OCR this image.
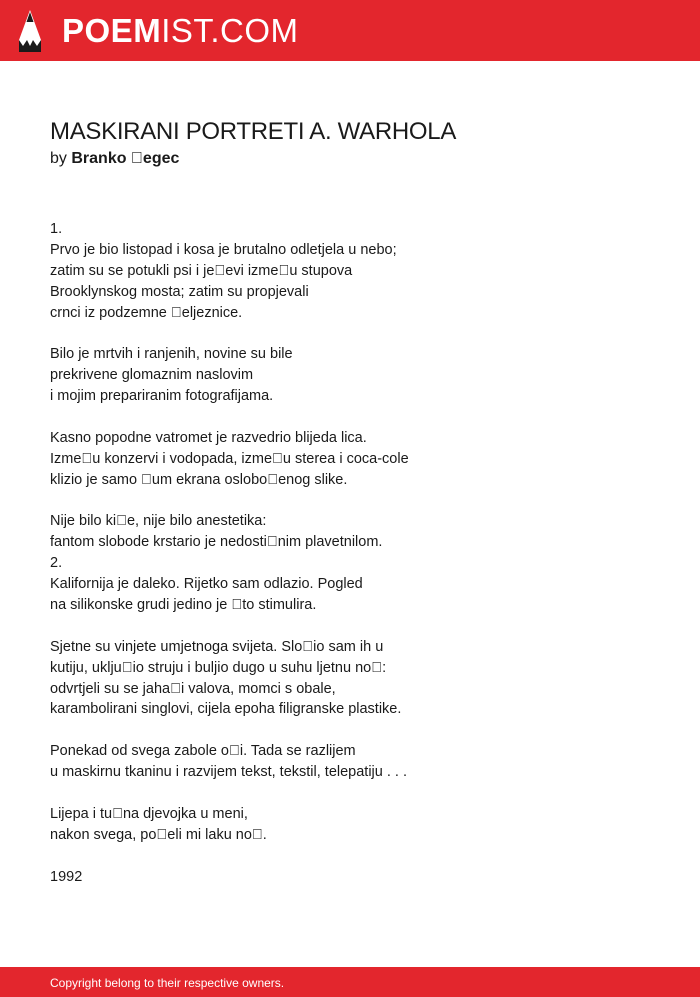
POEMIST.COM
MASKIRANI PORTRETI A. WARHOLA
by Branko  egec
1.
Prvo je bio listopad i kosa je brutalno odletjela u nebo;
zatim su se potukli psi i je evi izme u stupova
Brooklynskog mosta; zatim su propjevali
crnci iz podzemne  eljeznice.
Bilo je mrtvih i ranjenih, novine su bile
prekrivene glomaznim naslovim
i mojim prepariranim fotografijama.
Kasno popodne vatromet je razvedrio blijeda lica.
Izme u konzervi i vodopada, izme u sterea i coca-cole
klizio je samo  um ekrana oslobo enog slike.
Nije bilo ki e, nije bilo anestetika:
fantom slobode krstario je nedosti nim plavetnilom.
2.
Kalifornija je daleko. Rijetko sam odlazio. Pogled
na silikonske grudi jedino je  to stimulira.
Sjetne su vinjete umjetnoga svijeta. Slo io sam ih u
kutiju, uklju io struju i buljio dugo u suhu ljetnu no :
odvrtjeli su se jaha i valova, momci s obale,
karambolirani singlovi, cijela epoha filigranske plastike.
Ponekad od svega zabole o i. Tada se razlijem
u maskirnu tkaninu i razvijem tekst, tekstil, telepatiju . . .
Lijepa i tu na djevojka u meni,
nakon svega, po eli mi laku no .
1992
Copyright belong to their respective owners.
